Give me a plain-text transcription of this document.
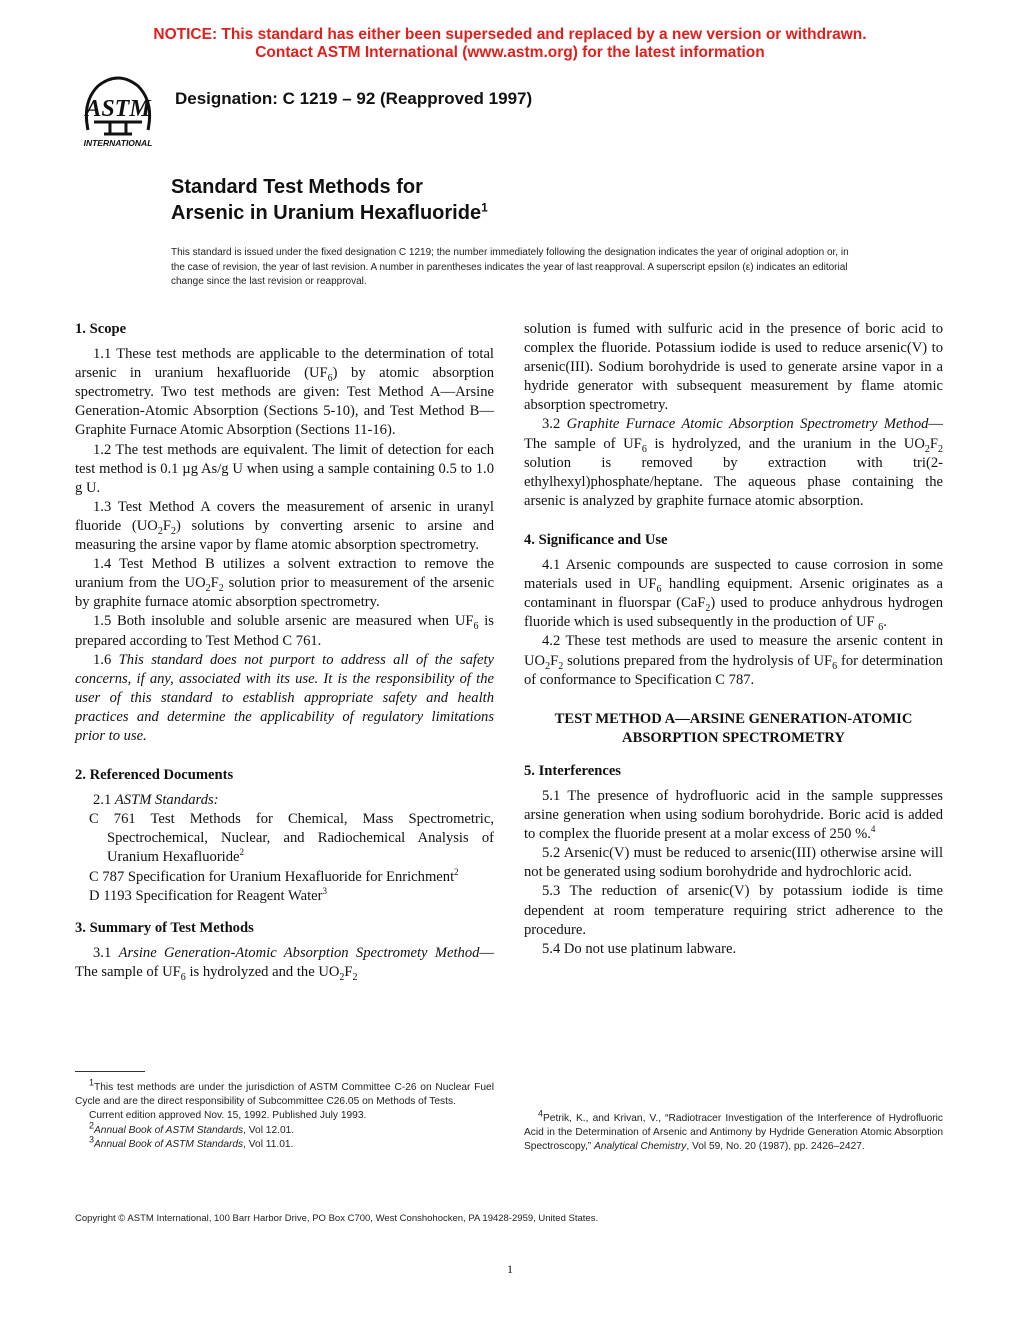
NOTICE: This standard has either been superseded and replaced by a new version or withdrawn.
Contact ASTM International (www.astm.org) for the latest information
ASTM
INTERNATIONAL
Designation: C 1219 – 92 (Reapproved 1997)
Standard Test Methods for
Arsenic in Uranium Hexafluoride$^1$
This standard is issued under the fixed designation C 1219; the number immediately following the designation indicates the year of original adoption or, in the case of revision, the year of last revision. A number in parentheses indicates the year of last reapproval. A superscript epsilon (ε) indicates an editorial change since the last revision or reapproval.

1. Scope

1.1 These test methods are applicable to the determination of total arsenic in uranium hexafluoride $(UF_6)$ by atomic absorption spectrometry. Two test methods are given: Test Method A—Arsine Generation-Atomic Absorption (Sections 5-10), and Test Method B—Graphite Furnace Atomic Absorption (Sections 11-16).

1.2 The test methods are equivalent. The limit of detection for each test method is 0.1 µg As/g U when using a sample containing 0.5 to 1.0 g U.

1.3 Test Method A covers the measurement of arsenic in uranyl fluoride $(UO_2F_2)$ solutions by converting arsenic to arsine and measuring the arsine vapor by flame atomic absorption spectrometry.

1.4 Test Method B utilizes a solvent extraction to remove the uranium from the $UO_2F_2$ solution prior to measurement of the arsenic by graphite furnace atomic absorption spectrometry.

1.5 Both insoluble and soluble arsenic are measured when $UF_6$ is prepared according to Test Method C 761.

1.6 This standard does not purport to address all of the safety concerns, if any, associated with its use. It is the responsibility of the user of this standard to establish appropriate safety and health practices and determine the applicability of regulatory limitations prior to use.

2. Referenced Documents

2.1 ASTM Standards:

C 761 Test Methods for Chemical, Mass Spectrometric, Spectrochemical, Nuclear, and Radiochemical Analysis of Uranium Hexafluoride$^2$

C 787 Specification for Uranium Hexafluoride for Enrichment$^2$

D 1193 Specification for Reagent Water$^3$

3. Summary of Test Methods

3.1 Arsine Generation-Atomic Absorption Spectromety Method—The sample of $UF_6$ is hydrolyzed and the $UO_2F_2$

solution is fumed with sulfuric acid in the presence of boric acid to complex the fluoride. Potassium iodide is used to reduce arsenic(V) to arsenic(III). Sodium borohydride is used to generate arsine vapor in a hydride generator with subsequent measurement by flame atomic absorption spectrometry.

3.2 Graphite Furnace Atomic Absorption Spectrometry Method—The sample of $UF_6$ is hydrolyzed, and the uranium in the $UO_2F_2$ solution is removed by extraction with tri(2-ethylhexyl)phosphate/heptane. The aqueous phase containing the arsenic is analyzed by graphite furnace atomic absorption.

4. Significance and Use

4.1 Arsenic compounds are suspected to cause corrosion in some materials used in $UF_6$ handling equipment. Arsenic originates as a contaminant in fluorspar (CaF$_2$) used to produce anhydrous hydrogen fluoride which is used subsequently in the production of UF $_6$.

4.2 These test methods are used to measure the arsenic content in $UO_2F_2$ solutions prepared from the hydrolysis of $UF_6$ for determination of conformance to Specification C 787.

TEST METHOD A—ARSINE GENERATION-ATOMIC

ABSORPTION SPECTROMETRY

5. Interferences

5.1 The presence of hydrofluoric acid in the sample suppresses arsine generation when using sodium borohydride. Boric acid is added to complex the fluoride present at a molar excess of 250 %.$^4$

5.2 Arsenic(V) must be reduced to arsenic(III) otherwise arsine will not be generated using sodium borohydride and hydrochloric acid.

5.3 The reduction of arsenic(V) by potassium iodide is time dependent at room temperature requiring strict adherence to the procedure.

5.4 Do not use platinum labware.

$^1$This test methods are under the jurisdiction of ASTM Committee C-26 on Nuclear Fuel Cycle and are the direct responsibility of Subcommittee C26.05 on Methods of Tests.

Current edition approved Nov. 15, 1992. Published July 1993.

$^2$Annual Book of ASTM Standards, Vol 12.01.

$^3$Annual Book of ASTM Standards, Vol 11.01.

$^4$Petrik, K., and Krivan, V., “Radiotracer Investigation of the Interference of Hydrofluoric Acid in the Determination of Arsenic and Antimony by Hydride Generation Atomic Absorption Spectroscopy,” Analytical Chemistry, Vol 59, No. 20 (1987), pp. 2426–2427.

Copyright © ASTM International, 100 Barr Harbor Drive, PO Box C700, West Conshohocken, PA 19428-2959, United States.
1
